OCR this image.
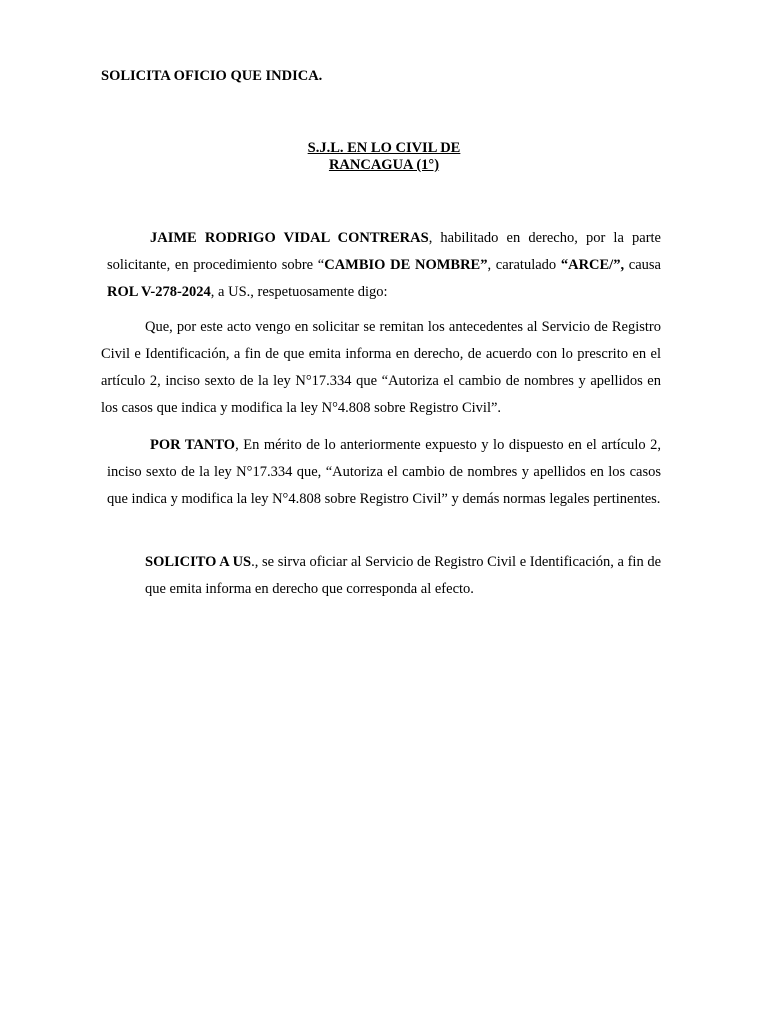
SOLICITA OFICIO QUE INDICA.
S.J.L. EN LO CIVIL DE
RANCAGUA (1°)
JAIME RODRIGO VIDAL CONTRERAS, habilitado en derecho, por la parte solicitante, en procedimiento sobre “CAMBIO DE NOMBRE”, caratulado “ARCE/”, causa ROL V-278-2024, a US., respetuosamente digo:
Que, por este acto vengo en solicitar se remitan los antecedentes al Servicio de Registro Civil e Identificación, a fin de que emita informa en derecho, de acuerdo con lo prescrito en el artículo 2, inciso sexto de la ley N°17.334 que “Autoriza el cambio de nombres y apellidos en los casos que indica y modifica la ley N°4.808 sobre Registro Civil”.
POR TANTO, En mérito de lo anteriormente expuesto y lo dispuesto en el artículo 2, inciso sexto de la ley N°17.334 que, “Autoriza el cambio de nombres y apellidos en los casos que indica y modifica la ley N°4.808 sobre Registro Civil” y demás normas legales pertinentes.
SOLICITO A US., se sirva oficiar al Servicio de Registro Civil e Identificación, a fin de
que emita informa en derecho que corresponda al efecto.
